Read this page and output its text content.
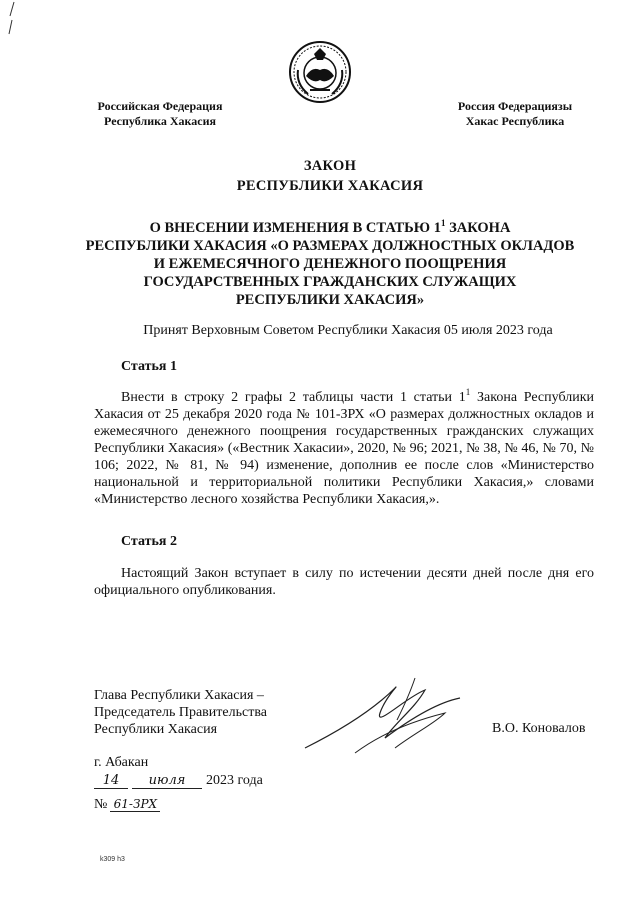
Российская Федерация
Республика Хакасия
Россия Федерациязы
Хакас Республика
ЗАКОН
РЕСПУБЛИКИ ХАКАСИЯ
О ВНЕСЕНИИ ИЗМЕНЕНИЯ В СТАТЬЮ $1^1$ ЗАКОНА
РЕСПУБЛИКИ ХАКАСИЯ «О РАЗМЕРАХ ДОЛЖНОСТНЫХ ОКЛАДОВ
И ЕЖЕМЕСЯЧНОГО ДЕНЕЖНОГО ПООЩРЕНИЯ
ГОСУДАРСТВЕННЫХ ГРАЖДАНСКИХ СЛУЖАЩИХ
РЕСПУБЛИКИ ХАКАСИЯ»
Принят Верховным Советом Республики Хакасия 05 июля 2023 года
Статья 1
Внести в строку 2 графы 2 таблицы части 1 статьи $1^1$ Закона Республики Хакасия от 25 декабря 2020 года № 101-ЗРХ «О размерах должностных окладов и ежемесячного денежного поощрения государственных гражданских служащих Республики Хакасия» («Вестник Хакасии», 2020, № 96; 2021, № 38, № 46, № 70, № 106; 2022, № 81, № 94) изменение, дополнив ее после слов «Министерство национальной и территориальной политики Республики Хакасия,» словами «Министерство лесного хозяйства Республики Хакасия,».
Статья 2
Настоящий Закон вступает в силу по истечении десяти дней после дня его официального опубликования.
Глава Республики Хакасия –
Председатель Правительства
Республики Хакасия	В.О. Коновалов
г. Абакан
14 июля 2023 года
№ 61-ЗРХ
k309 h3
